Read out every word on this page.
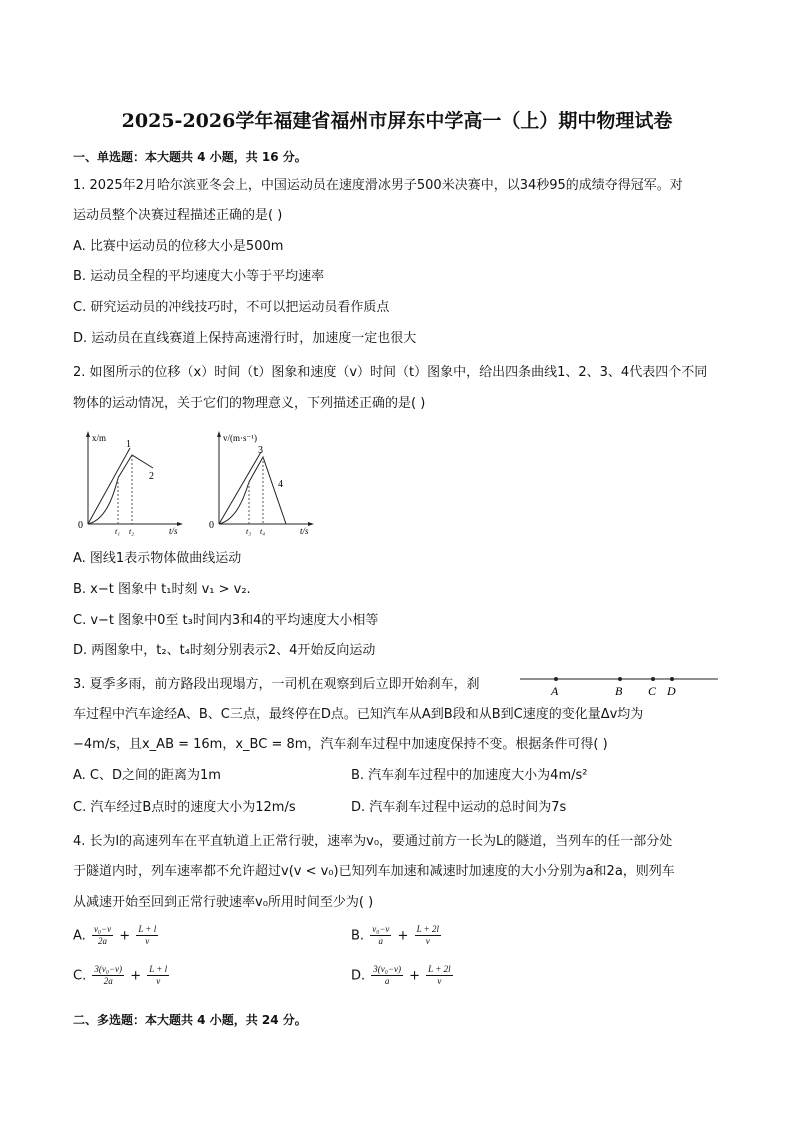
2025-2026学年福建省福州市屏东中学高一（上）期中物理试卷
一、单选题：本大题共 4 小题，共 16 分。
1. 2025年2月哈尔滨亚冬会上，中国运动员在速度滑冰男子500米决赛中，以34秒95的成绩夺得冠军。对
运动员整个决赛过程描述正确的是( )
A. 比赛中运动员的位移大小是500m
B. 运动员全程的平均速度大小等于平均速率
C. 研究运动员的冲线技巧时，不可以把运动员看作质点
D. 运动员在直线赛道上保持高速滑行时，加速度一定也很大
2. 如图所示的位移（x）时间（t）图象和速度（v）时间（t）图象中，给出四条曲线1、2、3、4代表四个不同
物体的运动情况，关于它们的物理意义，下列描述正确的是( )
x/m
t/s
0
1
2
t₁ t₂
v/(m·s⁻¹)
t/s
0
3
4
t₃ t₄
A. 图线1表示物体做曲线运动
B. x−t 图象中 t₁时刻 v₁ > v₂.
C. v−t 图象中0至 t₃时间内3和4的平均速度大小相等
D. 两图象中，t₂、t₄时刻分别表示2、4开始反向运动
3. 夏季多雨，前方路段出现塌方，一司机在观察到后立即开始刹车，刹	A	B C D
车过程中汽车途经A、B、C三点，最终停在D点。已知汽车从A到B段和从B到C速度的变化量Δv均为
−4m/s，且x_AB = 16m，x_BC = 8m，汽车刹车过程中加速度保持不变。根据条件可得( )
A. C、D之间的距离为1m	B. 汽车刹车过程中的加速度大小为4m/s²
C. 汽车经过B点时的速度大小为12m/s	D. 汽车刹车过程中运动的总时间为7s
4. 长为l的高速列车在平直轨道上正常行驶，速率为v₀，要通过前方一长为L的隧道，当列车的任一部分处
于隧道内时，列车速率都不允许超过v(v < v₀)已知列车加速和减速时加速度的大小分别为a和2a，则列车
从减速开始至回到正常行驶速率v₀所用时间至少为( )
A. $\frac{\text{v₀−v}}{2a} + \frac{L + l}{v}$	B. $\frac{\text{v₀−v}}{a} + \frac{L + 2l}{v}$
C. $\frac{\text{3(v₀−v)}}{2a} + \frac{L + l}{v}$	D. $\frac{\text{3(v₀−v)}}{a} + \frac{L + 2l}{v}$
二、多选题：本大题共 4 小题，共 24 分。
